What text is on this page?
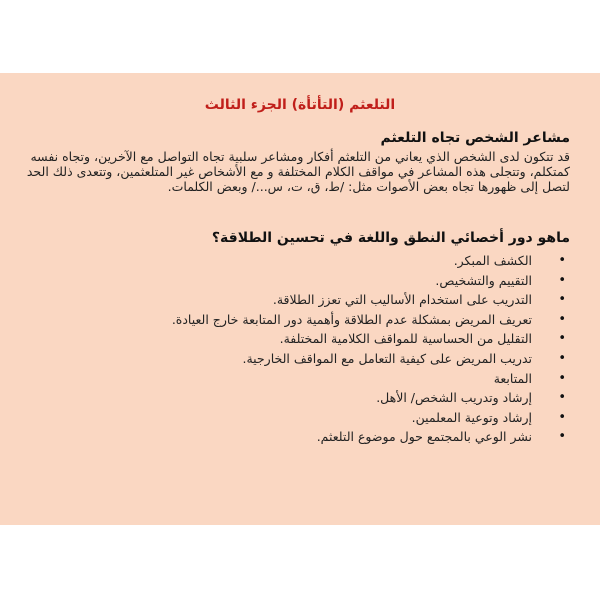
التلعثم (التأتأة) الجزء الثالث
مشاعر الشخص تجاه التلعثم

قد تتكون لدى الشخص الذي يعاني من التلعثم أفكار ومشاعر سلبية تجاه التواصل مع الآخرين، وتجاه نفسه كمتكلم، وتتجلى هذه المشاعر في مواقف الكلام المختلفة و مع الأشخاص غير المتلعثمين، وتتعدى ذلك الحد لتصل إلى ظهورها تجاه بعض الأصوات مثل: /ط، ق، ت، س.../ وبعض الكلمات.

ماهو دور أخصائي النطق واللغة في تحسين الطلاقة؟
• الكشف المبكر.
• التقييم والتشخيص.
• التدريب على استخدام الأساليب التي تعزز الطلاقة.
• تعريف المريض بمشكلة عدم الطلاقة وأهمية دور المتابعة خارج العيادة.
• التقليل من الحساسية للمواقف الكلامية المختلفة.
• تدريب المريض على كيفية التعامل مع المواقف الخارجية.
• المتابعة
• إرشاد وتدريب الشخص/ الأهل.
• إرشاد وتوعية المعلمين.
• نشر الوعي بالمجتمع حول موضوع التلعثم.
